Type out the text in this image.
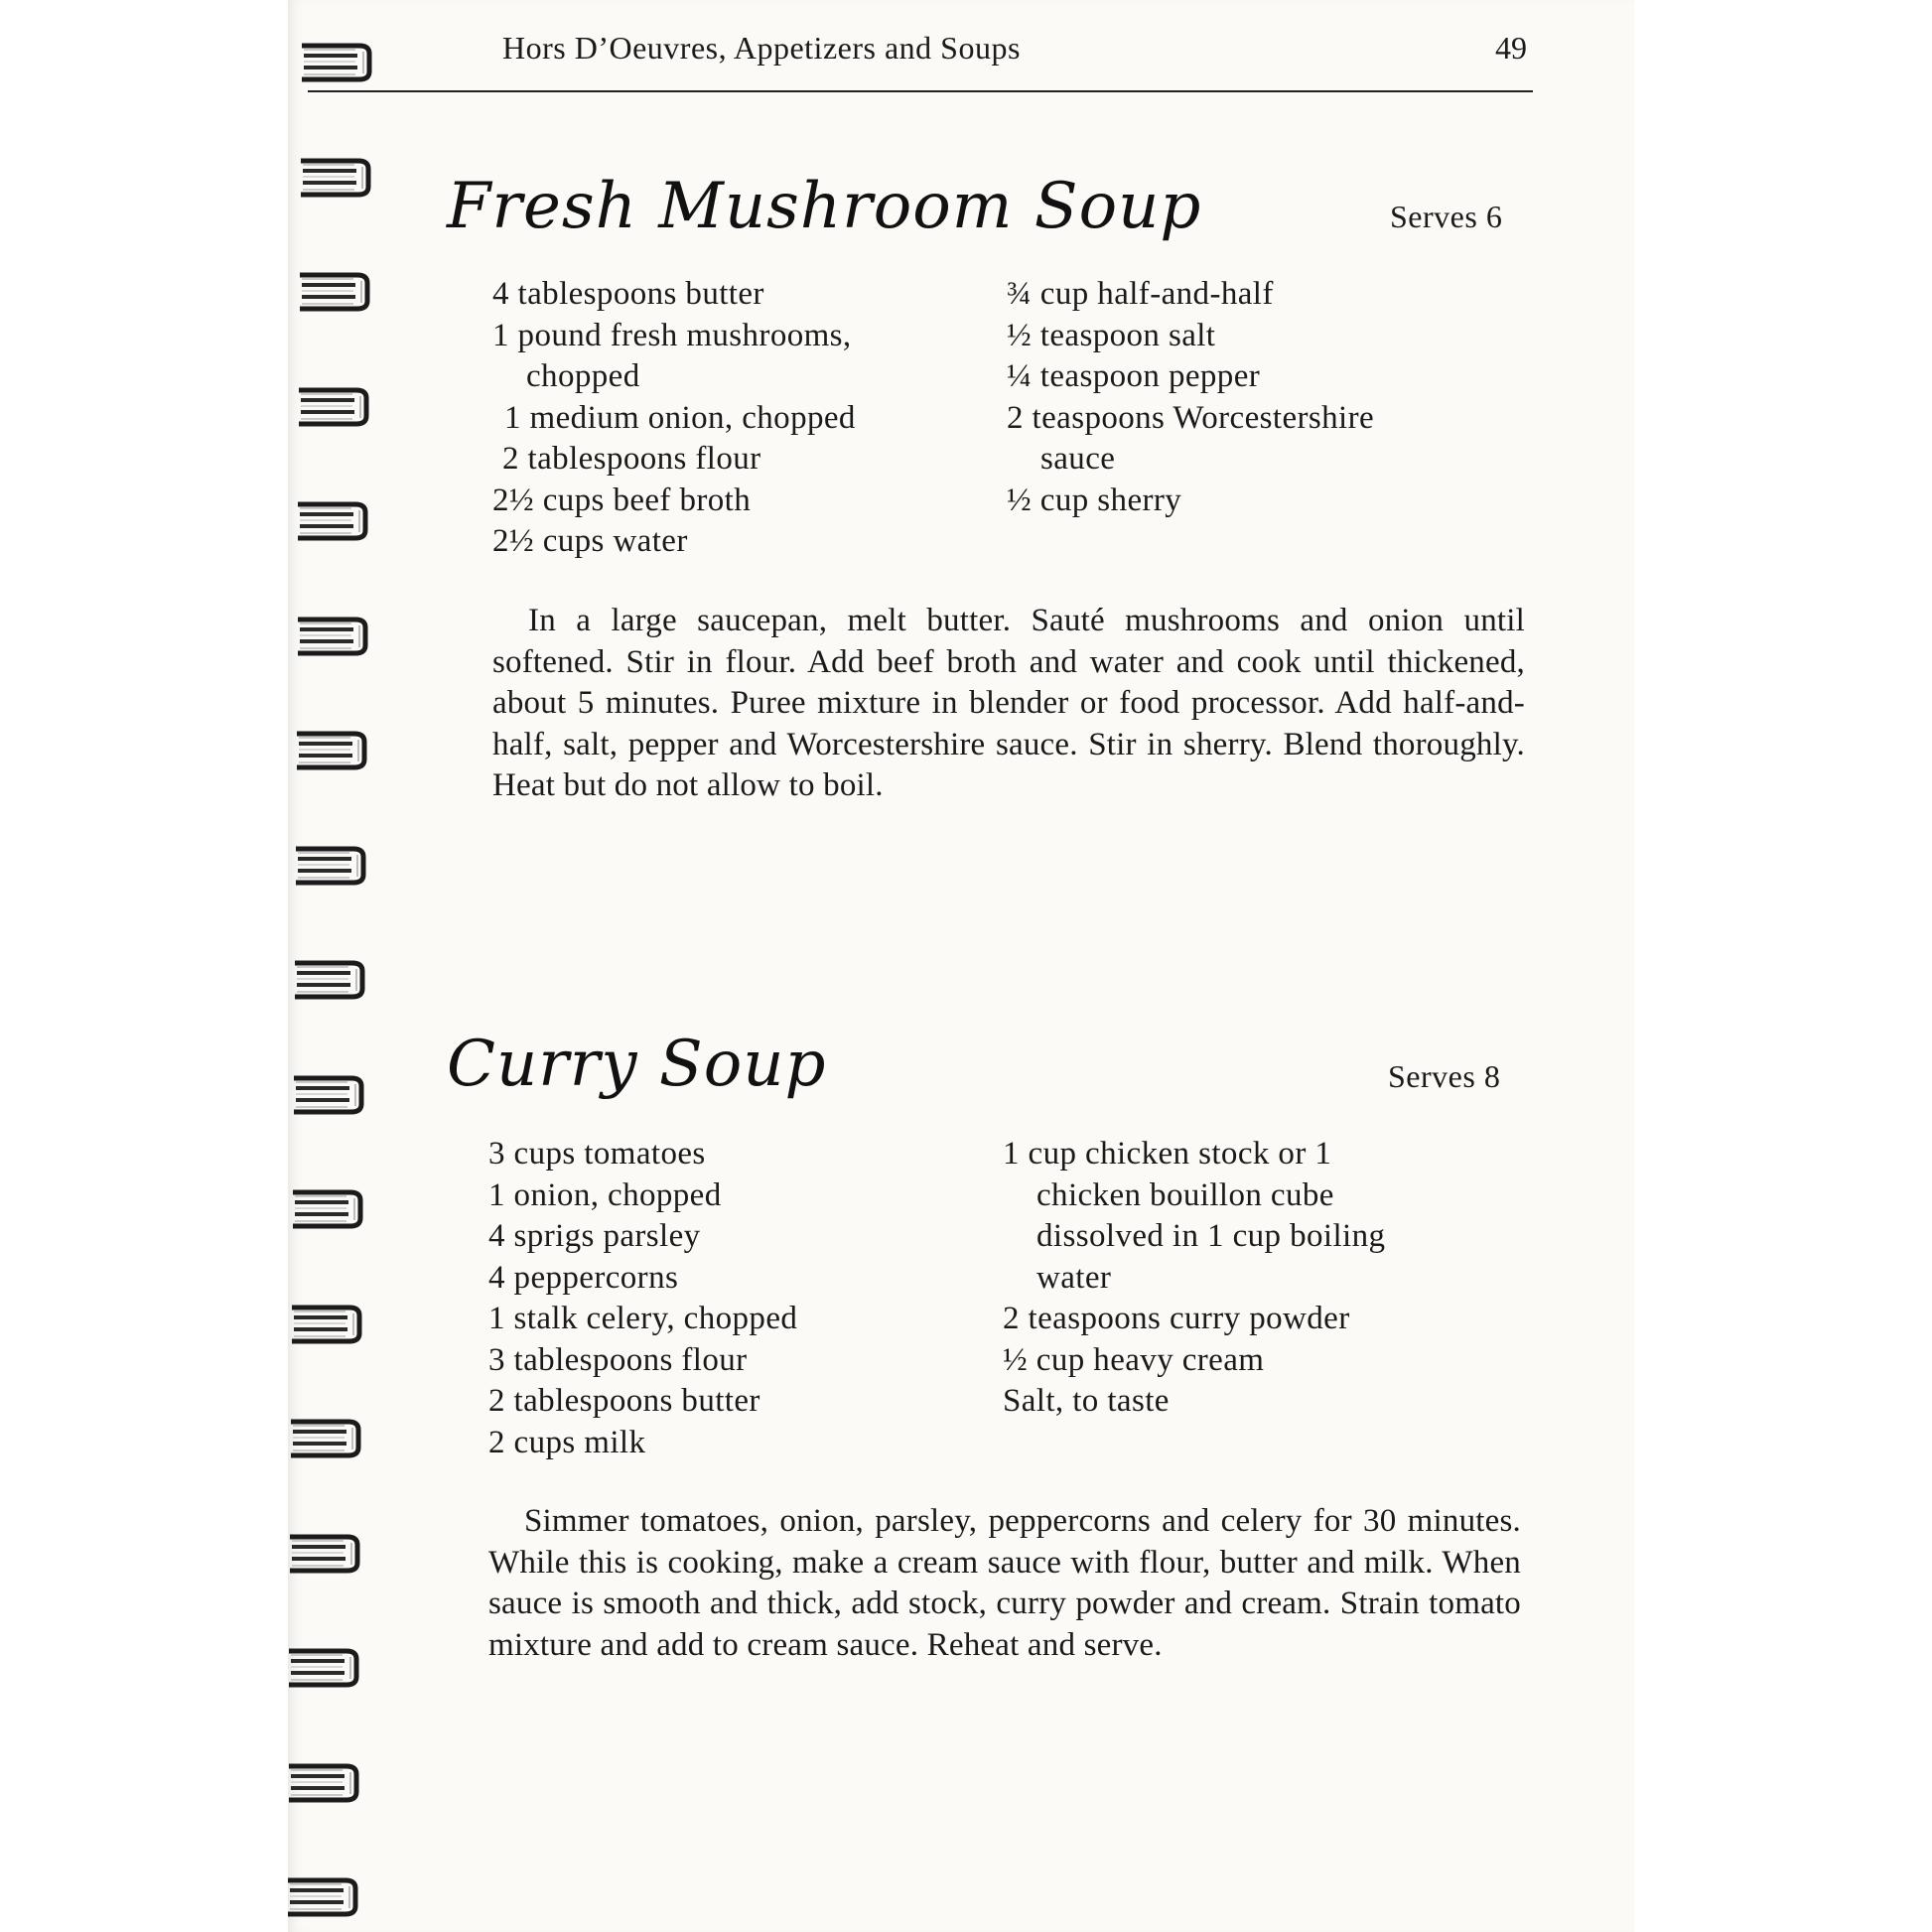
Hors D’Oeuvres, Appetizers and Soups	49
Fresh Mushroom Soup	Serves 6
4 tablespoons butter
1 pound fresh mushrooms,
chopped
1 medium onion, chopped
2 tablespoons flour
2½ cups beef broth
2½ cups water
¾ cup half-and-half
½ teaspoon salt
¼ teaspoon pepper
2 teaspoons Worcestershire
sauce
½ cup sherry
In a large saucepan, melt butter. Sauté mushrooms and onion until softened. Stir in flour. Add beef broth and water and cook until thickened, about 5 minutes. Puree mixture in blender or food processor. Add half-and-half, salt, pepper and Worcestershire sauce. Stir in sherry. Blend thoroughly. Heat but do not allow to boil.
Curry Soup	Serves 8
3 cups tomatoes
1 onion, chopped
4 sprigs parsley
4 peppercorns
1 stalk celery, chopped
3 tablespoons flour
2 tablespoons butter
2 cups milk
1 cup chicken stock or 1
chicken bouillon cube
dissolved in 1 cup boiling
water
2 teaspoons curry powder
½ cup heavy cream
Salt, to taste
Simmer tomatoes, onion, parsley, peppercorns and celery for 30 minutes. While this is cooking, make a cream sauce with flour, butter and milk. When sauce is smooth and thick, add stock, curry powder and cream. Strain tomato mixture and add to cream sauce. Reheat and serve.
